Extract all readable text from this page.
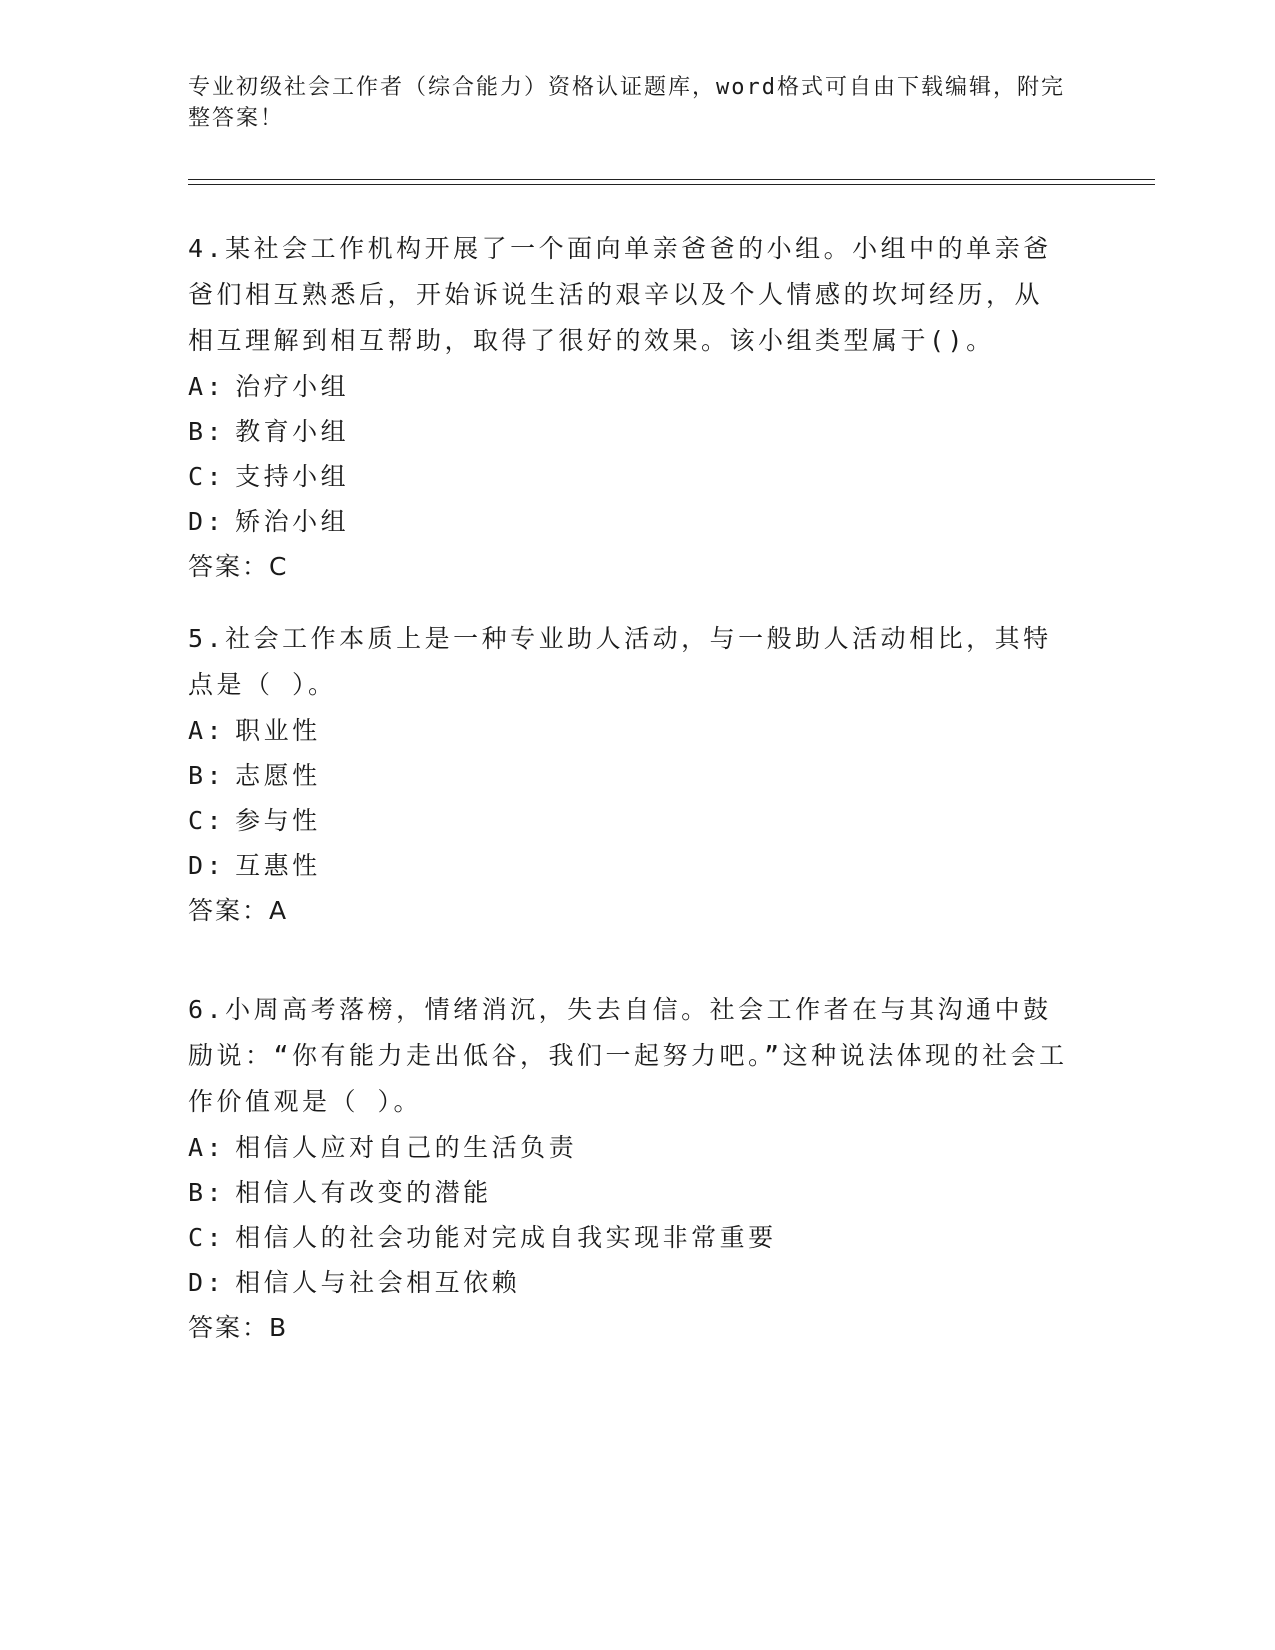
专业初级社会工作者（综合能力）资格认证题库，word格式可自由下载编辑，附完整答案！

4.某社会工作机构开展了一个面向单亲爸爸的小组。小组中的单亲爸爸们相互熟悉后，开始诉说生活的艰辛以及个人情感的坎坷经历，从相互理解到相互帮助，取得了很好的效果。该小组类型属于()。

A: 治疗小组

B: 教育小组

C: 支持小组

D: 矫治小组

答案：C

5.社会工作本质上是一种专业助人活动，与一般助人活动相比，其特点是（ ）。

A: 职业性

B: 志愿性

C: 参与性

D: 互惠性

答案：A

6.小周高考落榜，情绪消沉，失去自信。社会工作者在与其沟通中鼓励说：“你有能力走出低谷，我们一起努力吧。”这种说法体现的社会工作价值观是（ ）。

A: 相信人应对自己的生活负责

B: 相信人有改变的潜能

C: 相信人的社会功能对完成自我实现非常重要

D: 相信人与社会相互依赖

答案：B
